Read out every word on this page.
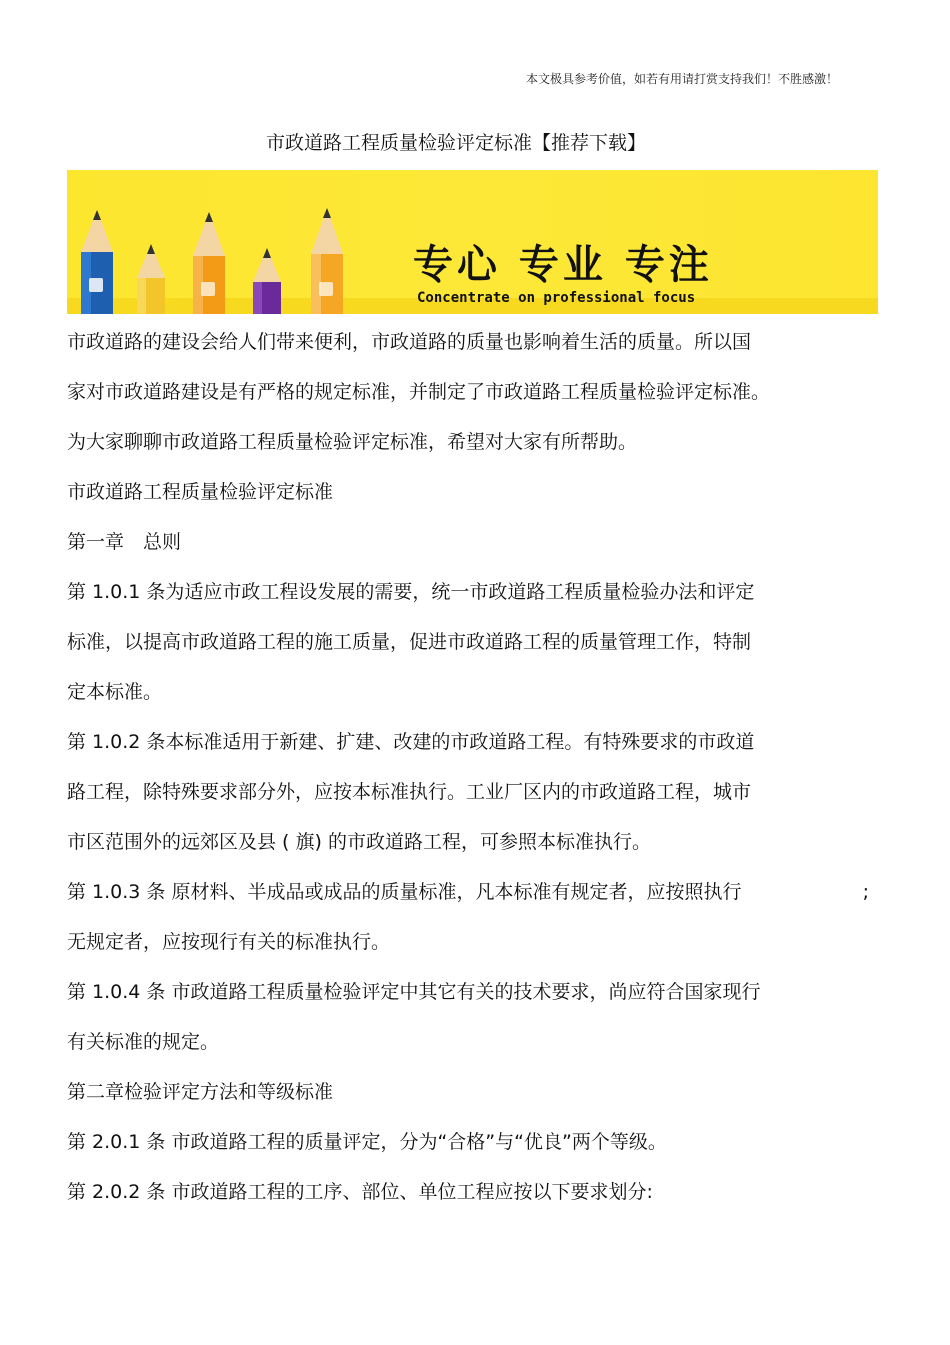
本文极具参考价值，如若有用请打赏支持我们！不胜感激！
市政道路工程质量检验评定标准【推荐下载】
专心 专业 专注
Concentrate on professional focus
市政道路的建设会给人们带来便利，市政道路的质量也影响着生活的质量。所以国
家对市政道路建设是有严格的规定标准，并制定了市政道路工程质量检验评定标准。
为大家聊聊市政道路工程质量检验评定标准，希望对大家有所帮助。
市政道路工程质量检验评定标准
第一章　总则
第 1.0.1 条为适应市政工程设发展的需要，统一市政道路工程质量检验办法和评定
标准，以提高市政道路工程的施工质量，促进市政道路工程的质量管理工作，特制
定本标准。
第 1.0.2 条本标准适用于新建、扩建、改建的市政道路工程。有特殊要求的市政道
路工程，除特殊要求部分外，应按本标准执行。工业厂区内的市政道路工程，城市
市区范围外的远郊区及县 ( 旗) 的市政道路工程，可参照本标准执行。
第 1.0.3 条 原材料、半成品或成品的质量标准，凡本标准有规定者，应按照执行	;
无规定者，应按现行有关的标准执行。
第 1.0.4 条 市政道路工程质量检验评定中其它有关的技术要求，尚应符合国家现行
有关标准的规定。
第二章检验评定方法和等级标准
第 2.0.1 条 市政道路工程的质量评定，分为“合格”与“优良”两个等级。
第 2.0.2 条 市政道路工程的工序、部位、单位工程应按以下要求划分:
